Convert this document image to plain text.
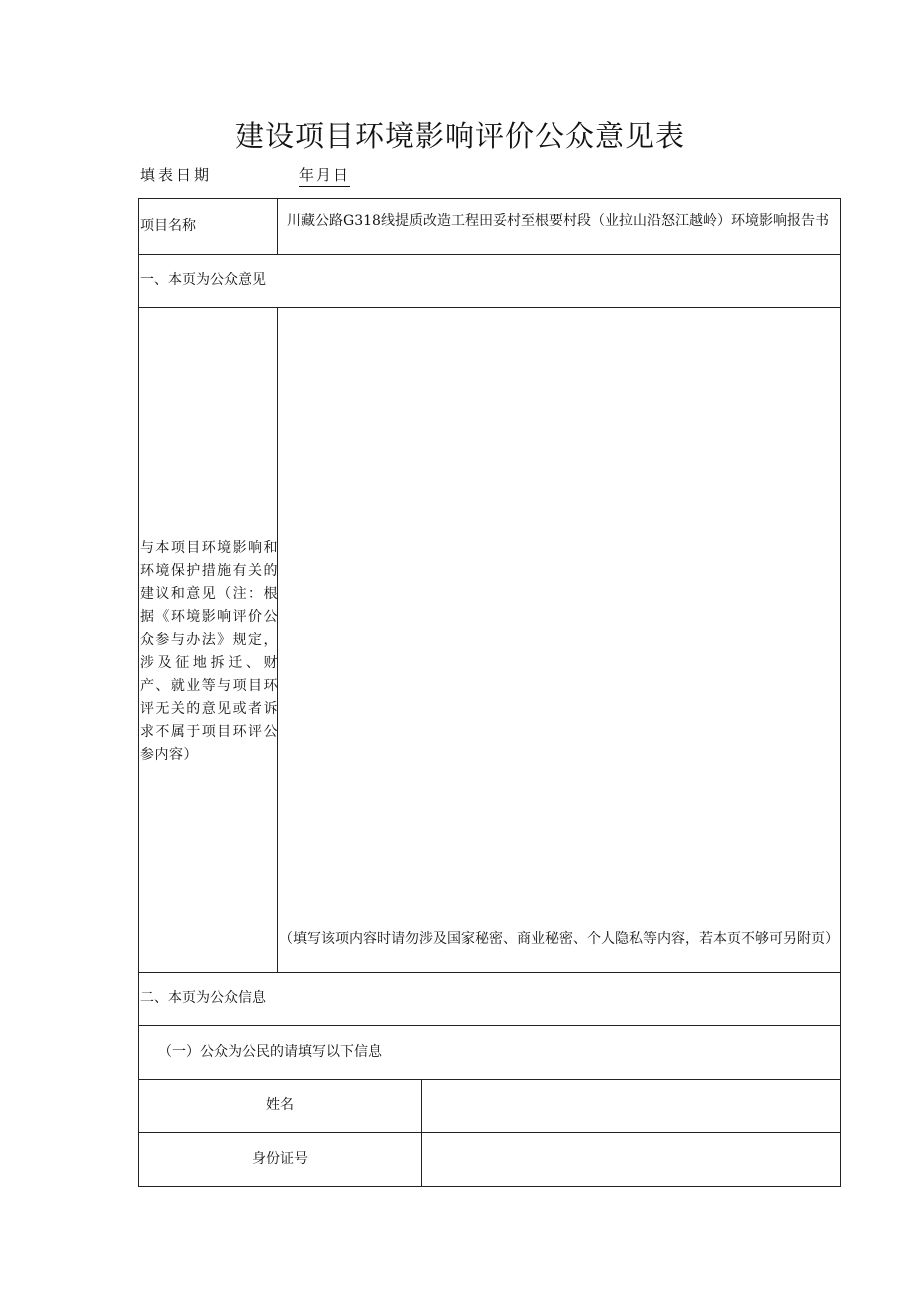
建设项目环境影响评价公众意见表
填表日期	年月日
项目名称	川藏公路G318线提质改造工程田妥村至根要村段（业拉山沿怒江越岭）环境影响报告书
一、本页为公众意见
与本项目环境影响和环境保护措施有关的建议和意见（注：根据《环境影响评价公众参与办法》规定，涉及征地拆迁、财产、就业等与项目环评无关的意见或者诉求不属于项目环评公参内容）
（填写该项内容时请勿涉及国家秘密、商业秘密、个人隐私等内容，若本页不够可另附页）
二、本页为公众信息
（一）公众为公民的请填写以下信息
姓名
身份证号
